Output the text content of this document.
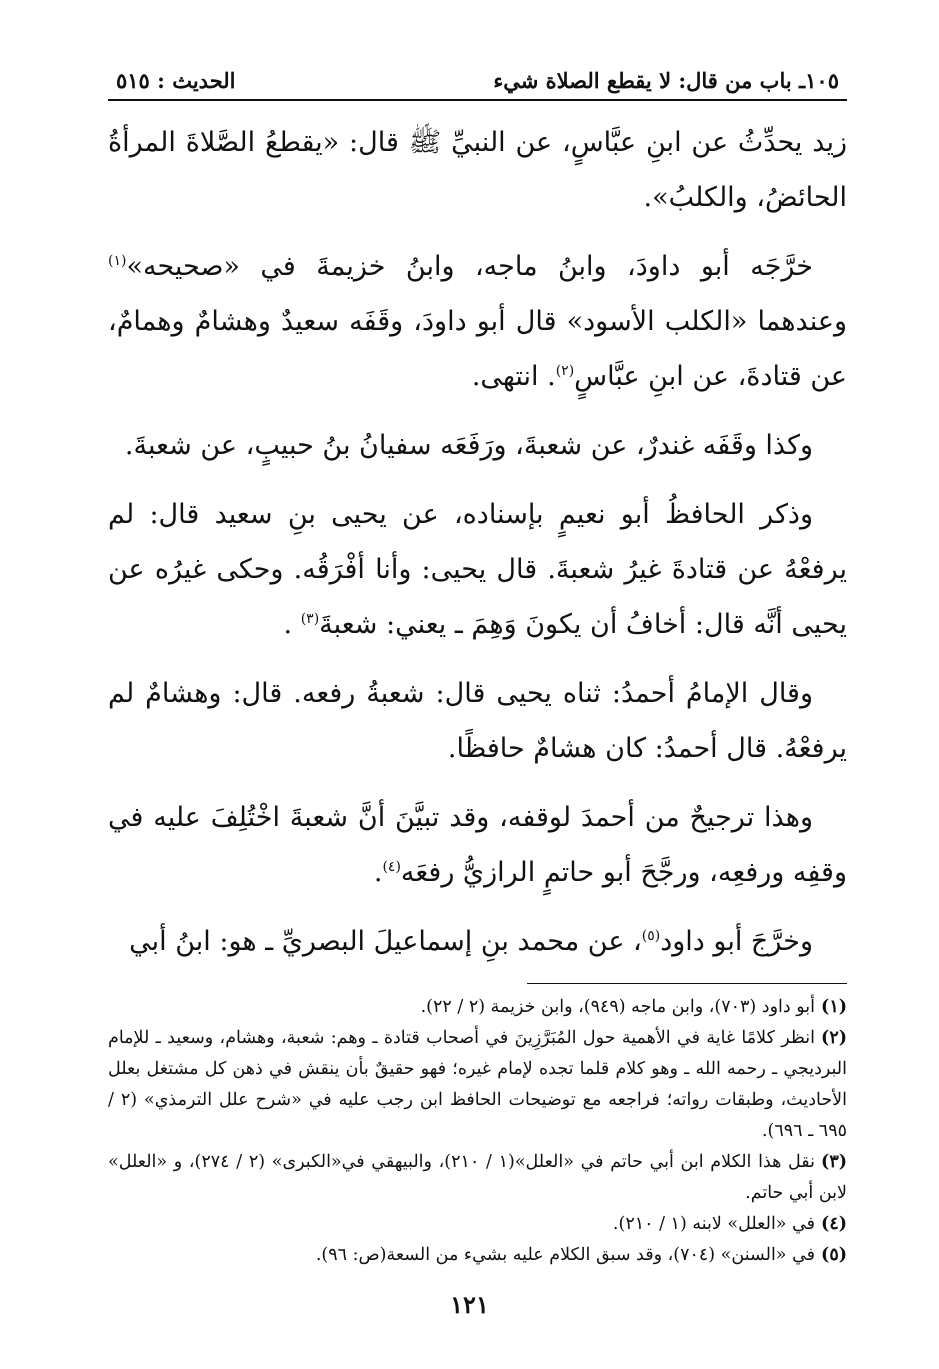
١٠٥ـ باب من قال: لا يقطع الصلاة شيء
الحديث : ٥١٥

زيد يحدِّثُ عن ابنِ عبَّاسٍ، عن النبيِّ ﷺ قال: «يقطعُ الصَّلاةَ المرأةُ الحائضُ، والكلبُ».

خرَّجَه أبو داودَ، وابنُ ماجه، وابنُ خزيمةَ في «صحيحه»$^{(١)}$ وعندهما «الكلب الأسود» قال أبو داودَ، وقَفَه سعيدٌ وهشامٌ وهمامٌ، عن قتادةَ، عن ابنِ عبَّاسٍ$^{(٢)}$. انتهى.

وكذا وقَفَه غندرٌ، عن شعبةَ، ورَفَعَه سفيانُ بنُ حبيبٍ، عن شعبةَ.

وذكر الحافظُ أبو نعيمٍ بإسناده، عن يحيى بنِ سعيد قال: لم يرفعْهُ عن قتادةَ غيرُ شعبةَ. قال يحيى: وأنا أفْرَقُه. وحكى غيرُه عن يحيى أنَّه قال: أخافُ أن يكونَ وَهِمَ ـ يعني: شعبةَ$^{(٣)}$ .

وقال الإمامُ أحمدُ: ثناه يحيى قال: شعبةُ رفعه. قال: وهشامٌ لم يرفعْهُ. قال أحمدُ: كان هشامٌ حافظًا.

وهذا ترجيحٌ من أحمدَ لوقفه، وقد تبيَّنَ أنَّ شعبةَ اخْتُلِفَ عليه في وقفِه ورفعِه، ورجَّحَ أبو حاتمٍ الرازيُّ رفعَه$^{(٤)}$.

وخرَّجَ أبو داود$^{(٥)}$، عن محمد بنِ إسماعيلَ البصريِّ ـ هو: ابنُ أبي

(١)أبو داود (٧٠٣)، وابن ماجه (٩٤٩)، وابن خزيمة (٢ / ٢٢).

(٢)انظر كلامًا غاية في الأهمية حول المُبَرَّزِينَ في أصحاب قتادة ـ وهم: شعبة، وهشام، وسعيد ـ للإمام البرديجي ـ رحمه الله ـ وهو كلام قلما تجده لإمام غيره؛ فهو حقيقٌ بأن ينقش في ذهن كل مشتغل بعلل الأحاديث، وطبقات رواته؛ فراجعه مع توضيحات الحافظ ابن رجب عليه في «شرح علل الترمذي» (٢ / ٦٩٥ ـ ٦٩٦).

(٣)نقل هذا الكلام ابن أبي حاتم في «العلل»(١ / ٢١٠)، والبيهقي في«الكبرى» (٢ / ٢٧٤)، و «العلل» لابن أبي حاتم.

(٤)في «العلل» لابنه (١ / ٢١٠).

(٥)في «السنن» (٧٠٤)، وقد سبق الكلام عليه بشيء من السعة(ص: ٩٦).

١٢١
